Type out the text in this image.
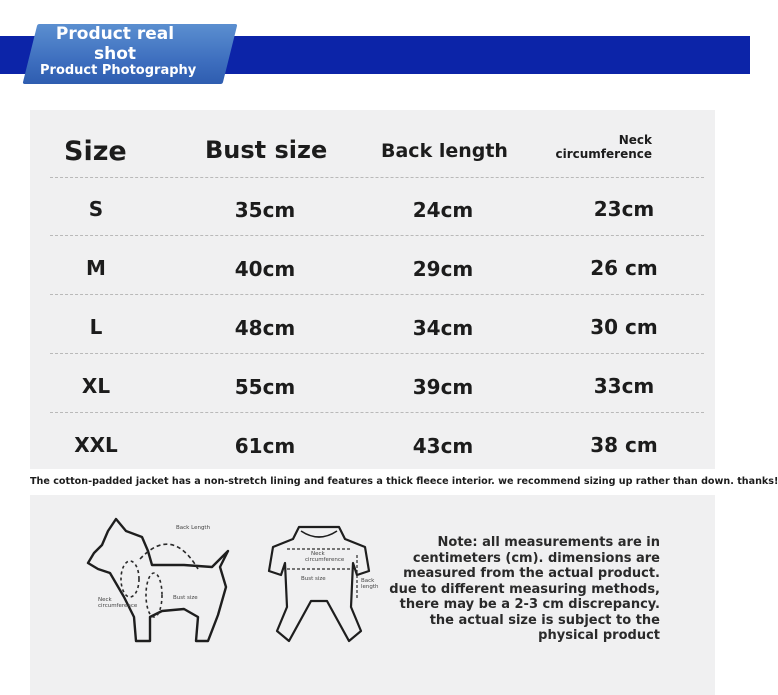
Product real shot
Product Photography
Size	Bust size	Back length	Neck
circumference
S	35cm	24cm	23cm
M	40cm	29cm	26 cm
L	48cm	34cm	30 cm
XL	55cm	39cm	33cm
XXL	61cm	43cm	38 cm
The cotton-padded jacket has a non-stretch lining and features a thick fleece interior. we recommend sizing up rather than down. thanks!
Back Length
Neck
circumference
Bust size
Neck
circumference
Bust size	Back
length
Note: all measurements are in
centimeters (cm). dimensions are
measured from the actual product.
due to different measuring methods,
there may be a 2-3 cm discrepancy.
the actual size is subject to the
physical product
